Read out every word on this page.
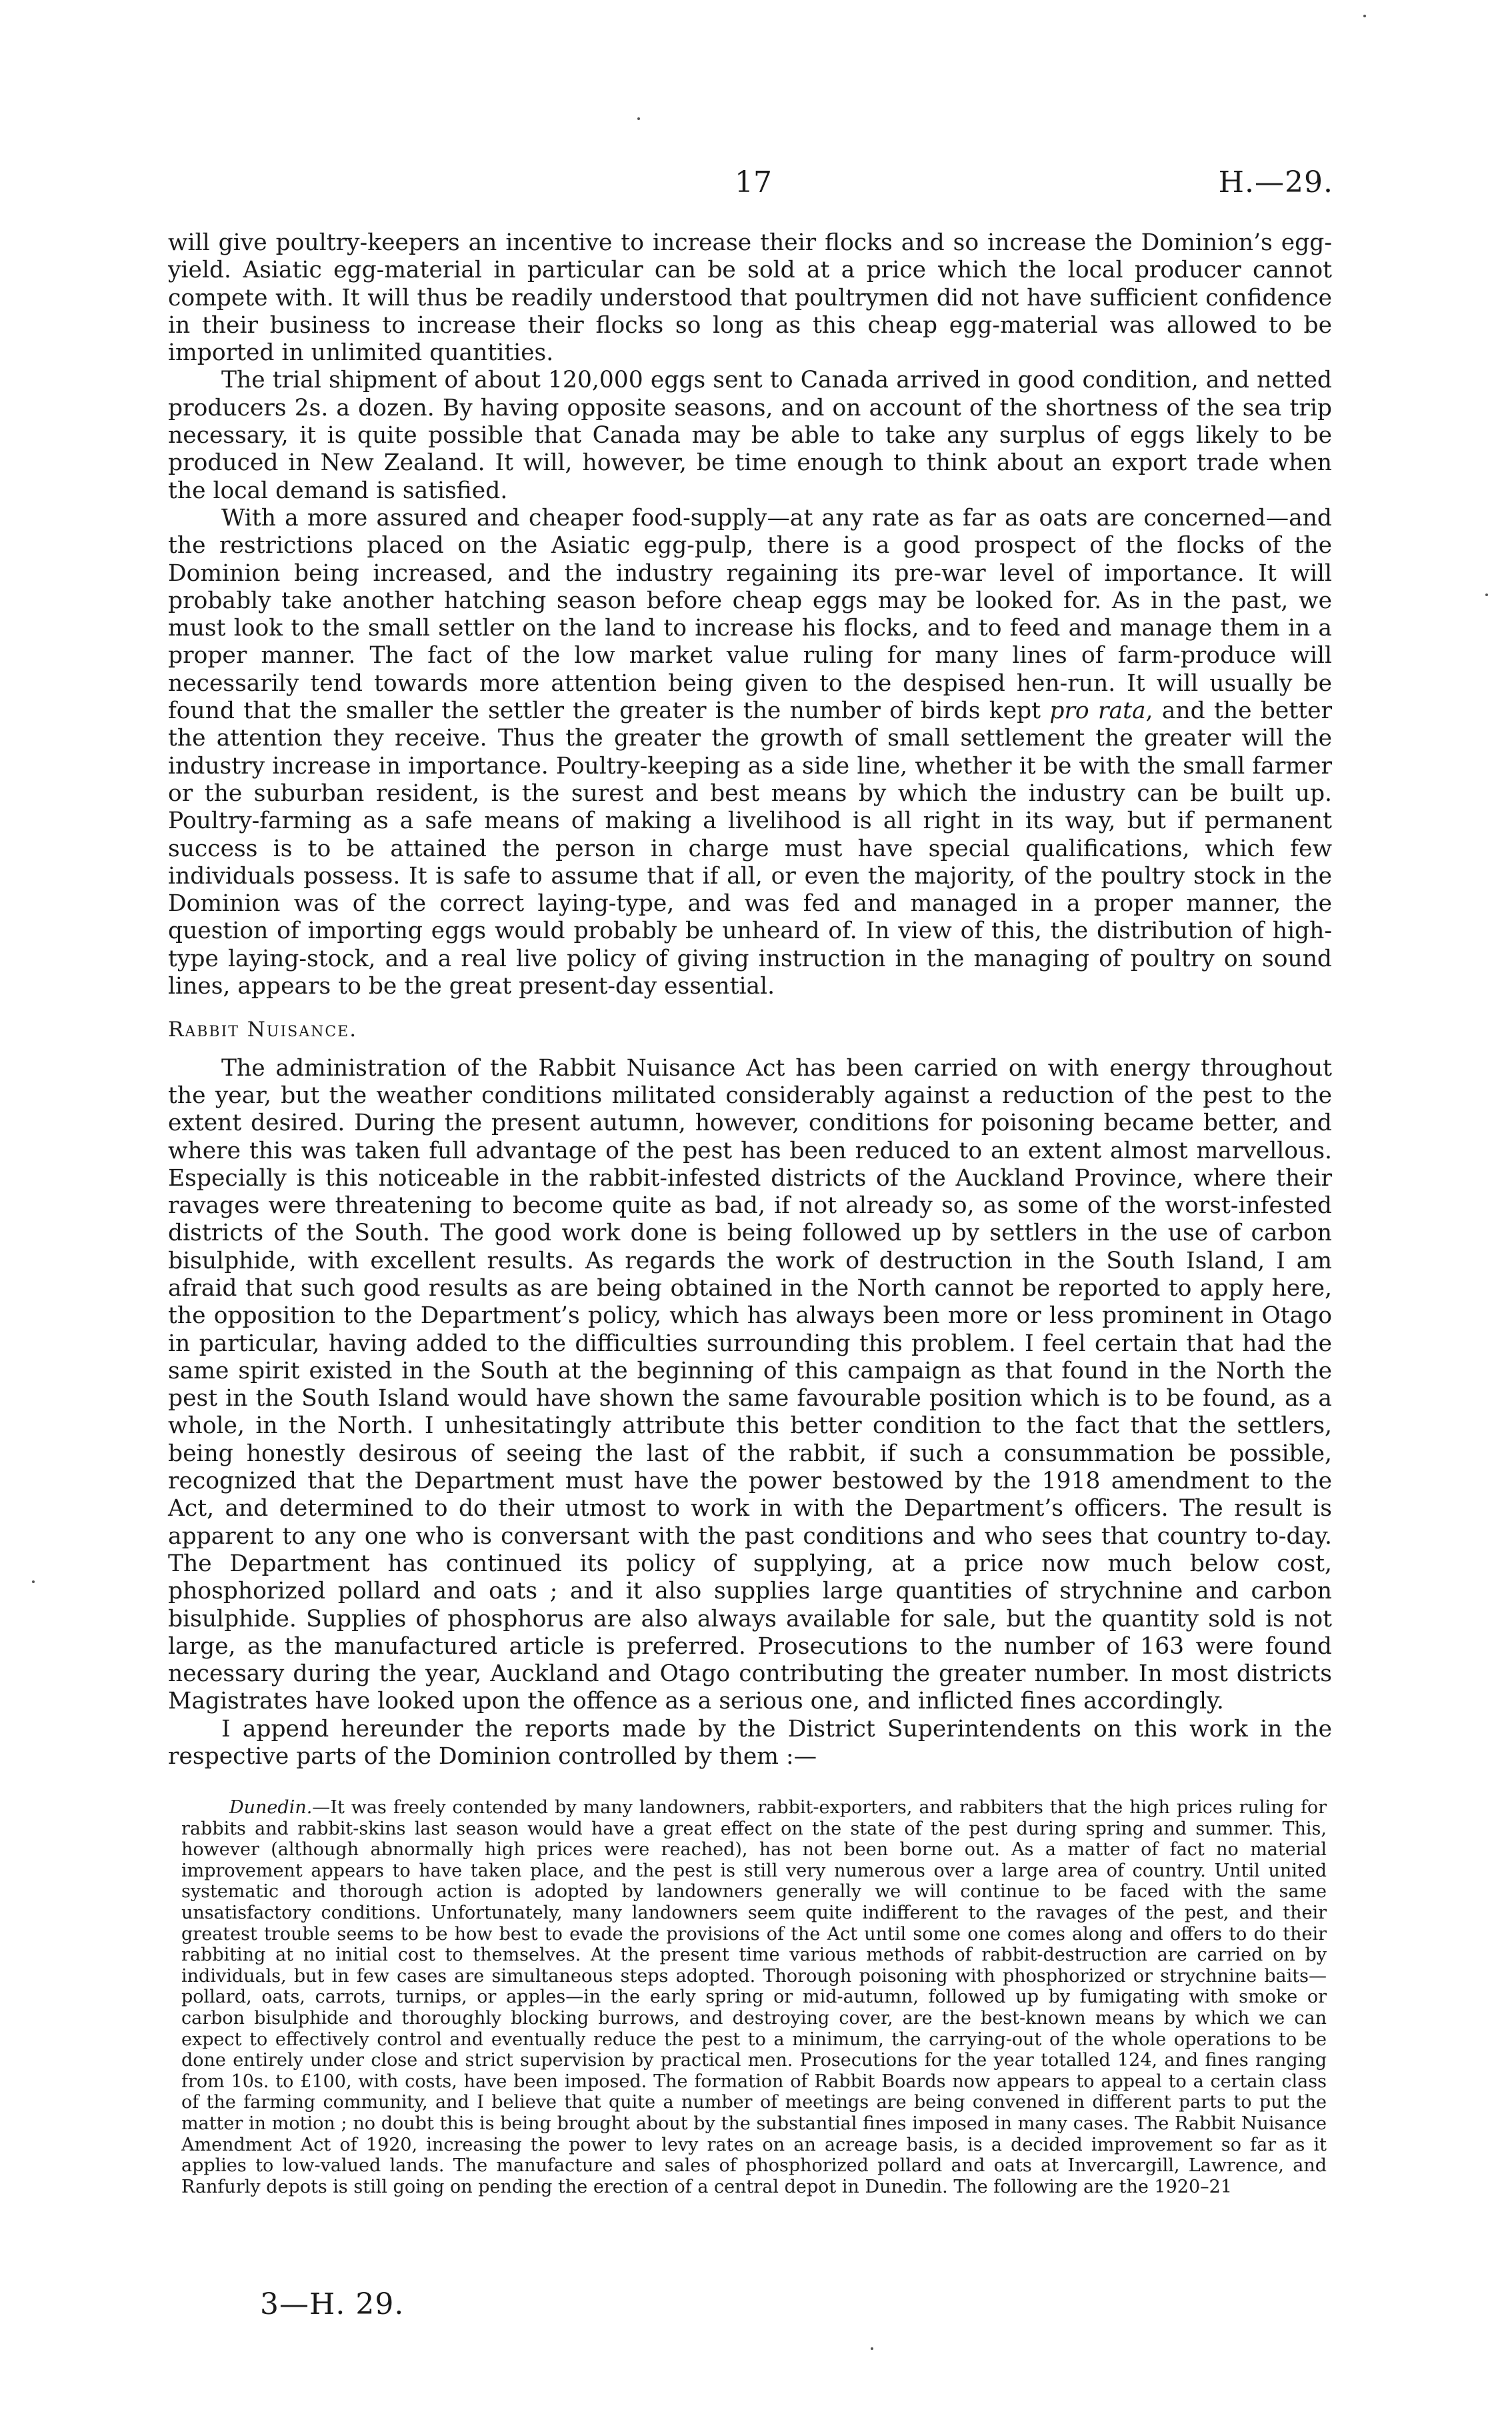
17	H.—29.

will give poultry-keepers an incentive to increase their flocks and so increase the Dominion’s egg-yield. Asiatic egg-material in particular can be sold at a price which the local producer cannot compete with. It will thus be readily understood that poultrymen did not have sufficient confidence in their business to increase their flocks so long as this cheap egg-material was allowed to be imported in unlimited quantities.

The trial shipment of about 120,000 eggs sent to Canada arrived in good condition, and netted producers 2s. a dozen. By having opposite seasons, and on account of the shortness of the sea trip necessary, it is quite possible that Canada may be able to take any surplus of eggs likely to be produced in New Zealand. It will, however, be time enough to think about an export trade when the local demand is satisfied.

With a more assured and cheaper food-supply—at any rate as far as oats are concerned—and the restrictions placed on the Asiatic egg-pulp, there is a good prospect of the flocks of the Dominion being increased, and the industry regaining its pre-war level of importance. It will probably take another hatching season before cheap eggs may be looked for. As in the past, we must look to the small settler on the land to increase his flocks, and to feed and manage them in a proper manner. The fact of the low market value ruling for many lines of farm-produce will necessarily tend towards more attention being given to the despised hen-run. It will usually be found that the smaller the settler the greater is the number of birds kept pro rata, and the better the attention they receive. Thus the greater the growth of small settlement the greater will the industry increase in importance. Poultry-keeping as a side line, whether it be with the small farmer or the suburban resident, is the surest and best means by which the industry can be built up. Poultry-farming as a safe means of making a livelihood is all right in its way, but if permanent success is to be attained the person in charge must have special qualifications, which few individuals possess. It is safe to assume that if all, or even the majority, of the poultry stock in the Dominion was of the correct laying-type, and was fed and managed in a proper manner, the question of importing eggs would probably be unheard of. In view of this, the distribution of high-type laying-stock, and a real live policy of giving instruction in the managing of poultry on sound lines, appears to be the great present-day essential.

Rabbit Nuisance.

The administration of the Rabbit Nuisance Act has been carried on with energy throughout the year, but the weather conditions militated considerably against a reduction of the pest to the extent desired. During the present autumn, however, conditions for poisoning became better, and where this was taken full advantage of the pest has been reduced to an extent almost marvellous. Especially is this noticeable in the rabbit-infested districts of the Auckland Province, where their ravages were threatening to become quite as bad, if not already so, as some of the worst-infested districts of the South. The good work done is being followed up by settlers in the use of carbon bisulphide, with excellent results. As regards the work of destruction in the South Island, I am afraid that such good results as are being obtained in the North cannot be reported to apply here, the opposition to the Department’s policy, which has always been more or less prominent in Otago in particular, having added to the difficulties surrounding this problem. I feel certain that had the same spirit existed in the South at the beginning of this campaign as that found in the North the pest in the South Island would have shown the same favourable position which is to be found, as a whole, in the North. I unhesitatingly attribute this better condition to the fact that the settlers, being honestly desirous of seeing the last of the rabbit, if such a consummation be possible, recognized that the Department must have the power bestowed by the 1918 amendment to the Act, and determined to do their utmost to work in with the Department’s officers. The result is apparent to any one who is conversant with the past conditions and who sees that country to-day. The Department has continued its policy of supplying, at a price now much below cost, phosphorized pollard and oats ; and it also supplies large quantities of strychnine and carbon bisulphide. Supplies of phosphorus are also always available for sale, but the quantity sold is not large, as the manufactured article is preferred. Prosecutions to the number of 163 were found necessary during the year, Auckland and Otago contributing the greater number. In most districts Magistrates have looked upon the offence as a serious one, and inflicted fines accordingly.

I append hereunder the reports made by the District Superintendents on this work in the respective parts of the Dominion controlled by them :—

Dunedin.—It was freely contended by many landowners, rabbit-exporters, and rabbiters that the high prices ruling for rabbits and rabbit-skins last season would have a great effect on the state of the pest during spring and summer. This, however (although abnormally high prices were reached), has not been borne out. As a matter of fact no material improvement appears to have taken place, and the pest is still very numerous over a large area of country. Until united systematic and thorough action is adopted by landowners generally we will continue to be faced with the same unsatisfactory conditions. Unfortunately, many landowners seem quite indifferent to the ravages of the pest, and their greatest trouble seems to be how best to evade the provisions of the Act until some one comes along and offers to do their rabbiting at no initial cost to themselves. At the present time various methods of rabbit-destruction are carried on by individuals, but in few cases are simultaneous steps adopted. Thorough poisoning with phosphorized or strychnine baits—pollard, oats, carrots, turnips, or apples—in the early spring or mid-autumn, followed up by fumigating with smoke or carbon bisulphide and thoroughly blocking burrows, and destroying cover, are the best-known means by which we can expect to effectively control and eventually reduce the pest to a minimum, the carrying-out of the whole operations to be done entirely under close and strict supervision by practical men. Prosecutions for the year totalled 124, and fines ranging from 10s. to £100, with costs, have been imposed. The formation of Rabbit Boards now appears to appeal to a certain class of the farming community, and I believe that quite a number of meetings are being convened in different parts to put the matter in motion ; no doubt this is being brought about by the substantial fines imposed in many cases. The Rabbit Nuisance Amendment Act of 1920, increasing the power to levy rates on an acreage basis, is a decided improvement so far as it applies to low-valued lands. The manufacture and sales of phosphorized pollard and oats at Invercargill, Lawrence, and Ranfurly depots is still going on pending the erection of a central depot in Dunedin. The following are the 1920–21

3—H. 29.
